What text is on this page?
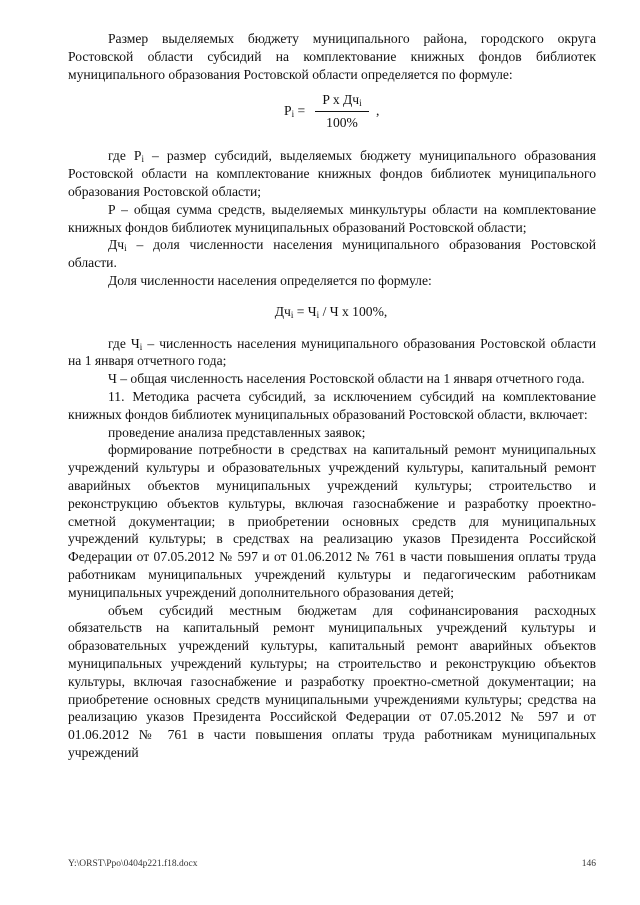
Размер выделяемых бюджету муниципального района, городского округа Ростовской области субсидий на комплектование книжных фондов библиотек муниципального образования Ростовской области определяется по формуле:

$P_i$ =
P x $Дч_i$
100%
,

где $P_i$ – размер субсидий, выделяемых бюджету муниципального образования Ростовской области на комплектование книжных фондов библиотек муниципального образования Ростовской области;

P – общая сумма средств, выделяемых минкультуры области на комплектование книжных фондов библиотек муниципальных образований Ростовской области;

$Дч_i$ – доля численности населения муниципального образования Ростовской области.

Доля численности населения определяется по формуле:

$Дч_i = Ч_i / Ч$ x 100%,

где $Ч_i$ – численность населения муниципального образования Ростовской области на 1 января отчетного года;

Ч – общая численность населения Ростовской области на 1 января отчетного года.

11. Методика расчета субсидий, за исключением субсидий на комплектование книжных фондов библиотек муниципальных образований Ростовской области, включает:

проведение анализа представленных заявок;

формирование потребности в средствах на капитальный ремонт муниципальных учреждений культуры и образовательных учреждений культуры, капитальный ремонт аварийных объектов муниципальных учреждений культуры; строительство и реконструкцию объектов культуры, включая газоснабжение и разработку проектно-сметной документации; в приобретении основных средств для муниципальных учреждений культуры; в средствах на реализацию указов Президента Российской Федерации от 07.05.2012 № 597 и от 01.06.2012 № 761 в части повышения оплаты труда работникам муниципальных учреждений культуры и педагогическим работникам муниципальных учреждений дополнительного образования детей;

объем субсидий местным бюджетам для софинансирования расходных обязательств на капитальный ремонт муниципальных учреждений культуры и образовательных учреждений культуры, капитальный ремонт аварийных объектов муниципальных учреждений культуры; на строительство и реконструкцию объектов культуры, включая газоснабжение и разработку проектно-сметной документации; на приобретение основных средств муниципальными учреждениями культуры; средства на реализацию указов Президента Российской Федерации от 07.05.2012 № 597 и от 01.06.2012 № 761 в части повышения оплаты труда работникам муниципальных учреждений

Y:\ORST\Ppo\0404p221.f18.docx	146
